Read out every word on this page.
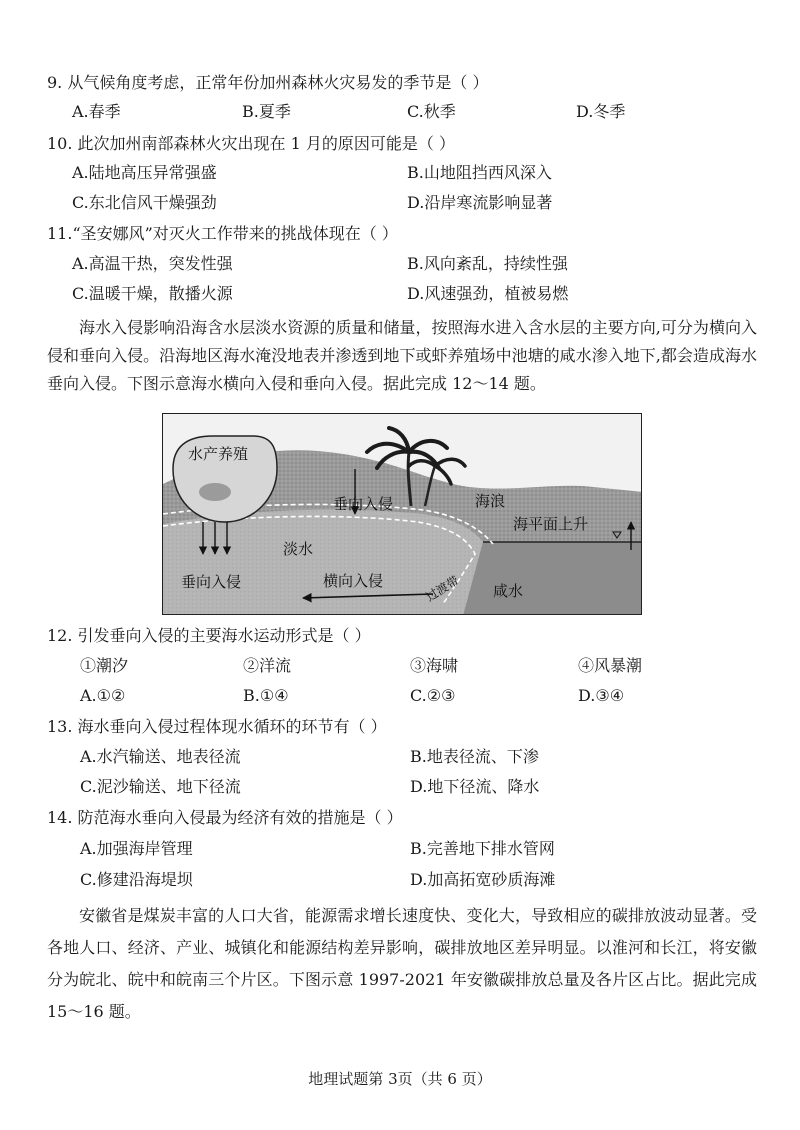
9. 从气候角度考虑，正常年份加州森林火灾易发的季节是（ ）
A.春季	B.夏季	C.秋季	D.冬季
10. 此次加州南部森林火灾出现在 1 月的原因可能是（ ）
A.陆地高压异常强盛	B.山地阻挡西风深入
C.东北信风干燥强劲	D.沿岸寒流影响显著
11.“圣安娜风”对灭火工作带来的挑战体现在（ ）
A.高温干热，突发性强	B.风向紊乱，持续性强
C.温暖干燥，散播火源	D.风速强劲，植被易燃

海水入侵影响沿海含水层淡水资源的质量和储量，按照海水进入含水层的主要方向,可分为横向入侵和垂向入侵。沿海地区海水淹没地表并渗透到地下或虾养殖场中池塘的咸水渗入地下,都会造成海水垂向入侵。下图示意海水横向入侵和垂向入侵。据此完成 12～14 题。

水产养殖
垂向入侵	海浪
海平面上升
淡水
垂向入侵	横向入侵	过渡带 咸水
12. 引发垂向入侵的主要海水运动形式是（ ）
①潮汐	②洋流	③海啸	④风暴潮
A.①②	B.①④	C.②③	D.③④
13. 海水垂向入侵过程体现水循环的环节有（ ）
A.水汽输送、地表径流	B.地表径流、下渗
C.泥沙输送、地下径流	D.地下径流、降水
14. 防范海水垂向入侵最为经济有效的措施是（ ）
A.加强海岸管理	B.完善地下排水管网
C.修建沿海堤坝	D.加高拓宽砂质海滩

安徽省是煤炭丰富的人口大省，能源需求增长速度快、变化大，导致相应的碳排放波动显著。受各地人口、经济、产业、城镇化和能源结构差异影响，碳排放地区差异明显。以淮河和长江，将安徽分为皖北、皖中和皖南三个片区。下图示意 1997-2021 年安徽碳排放总量及各片区占比。据此完成 15～16 题。

地理试题第 3页（共 6 页）
